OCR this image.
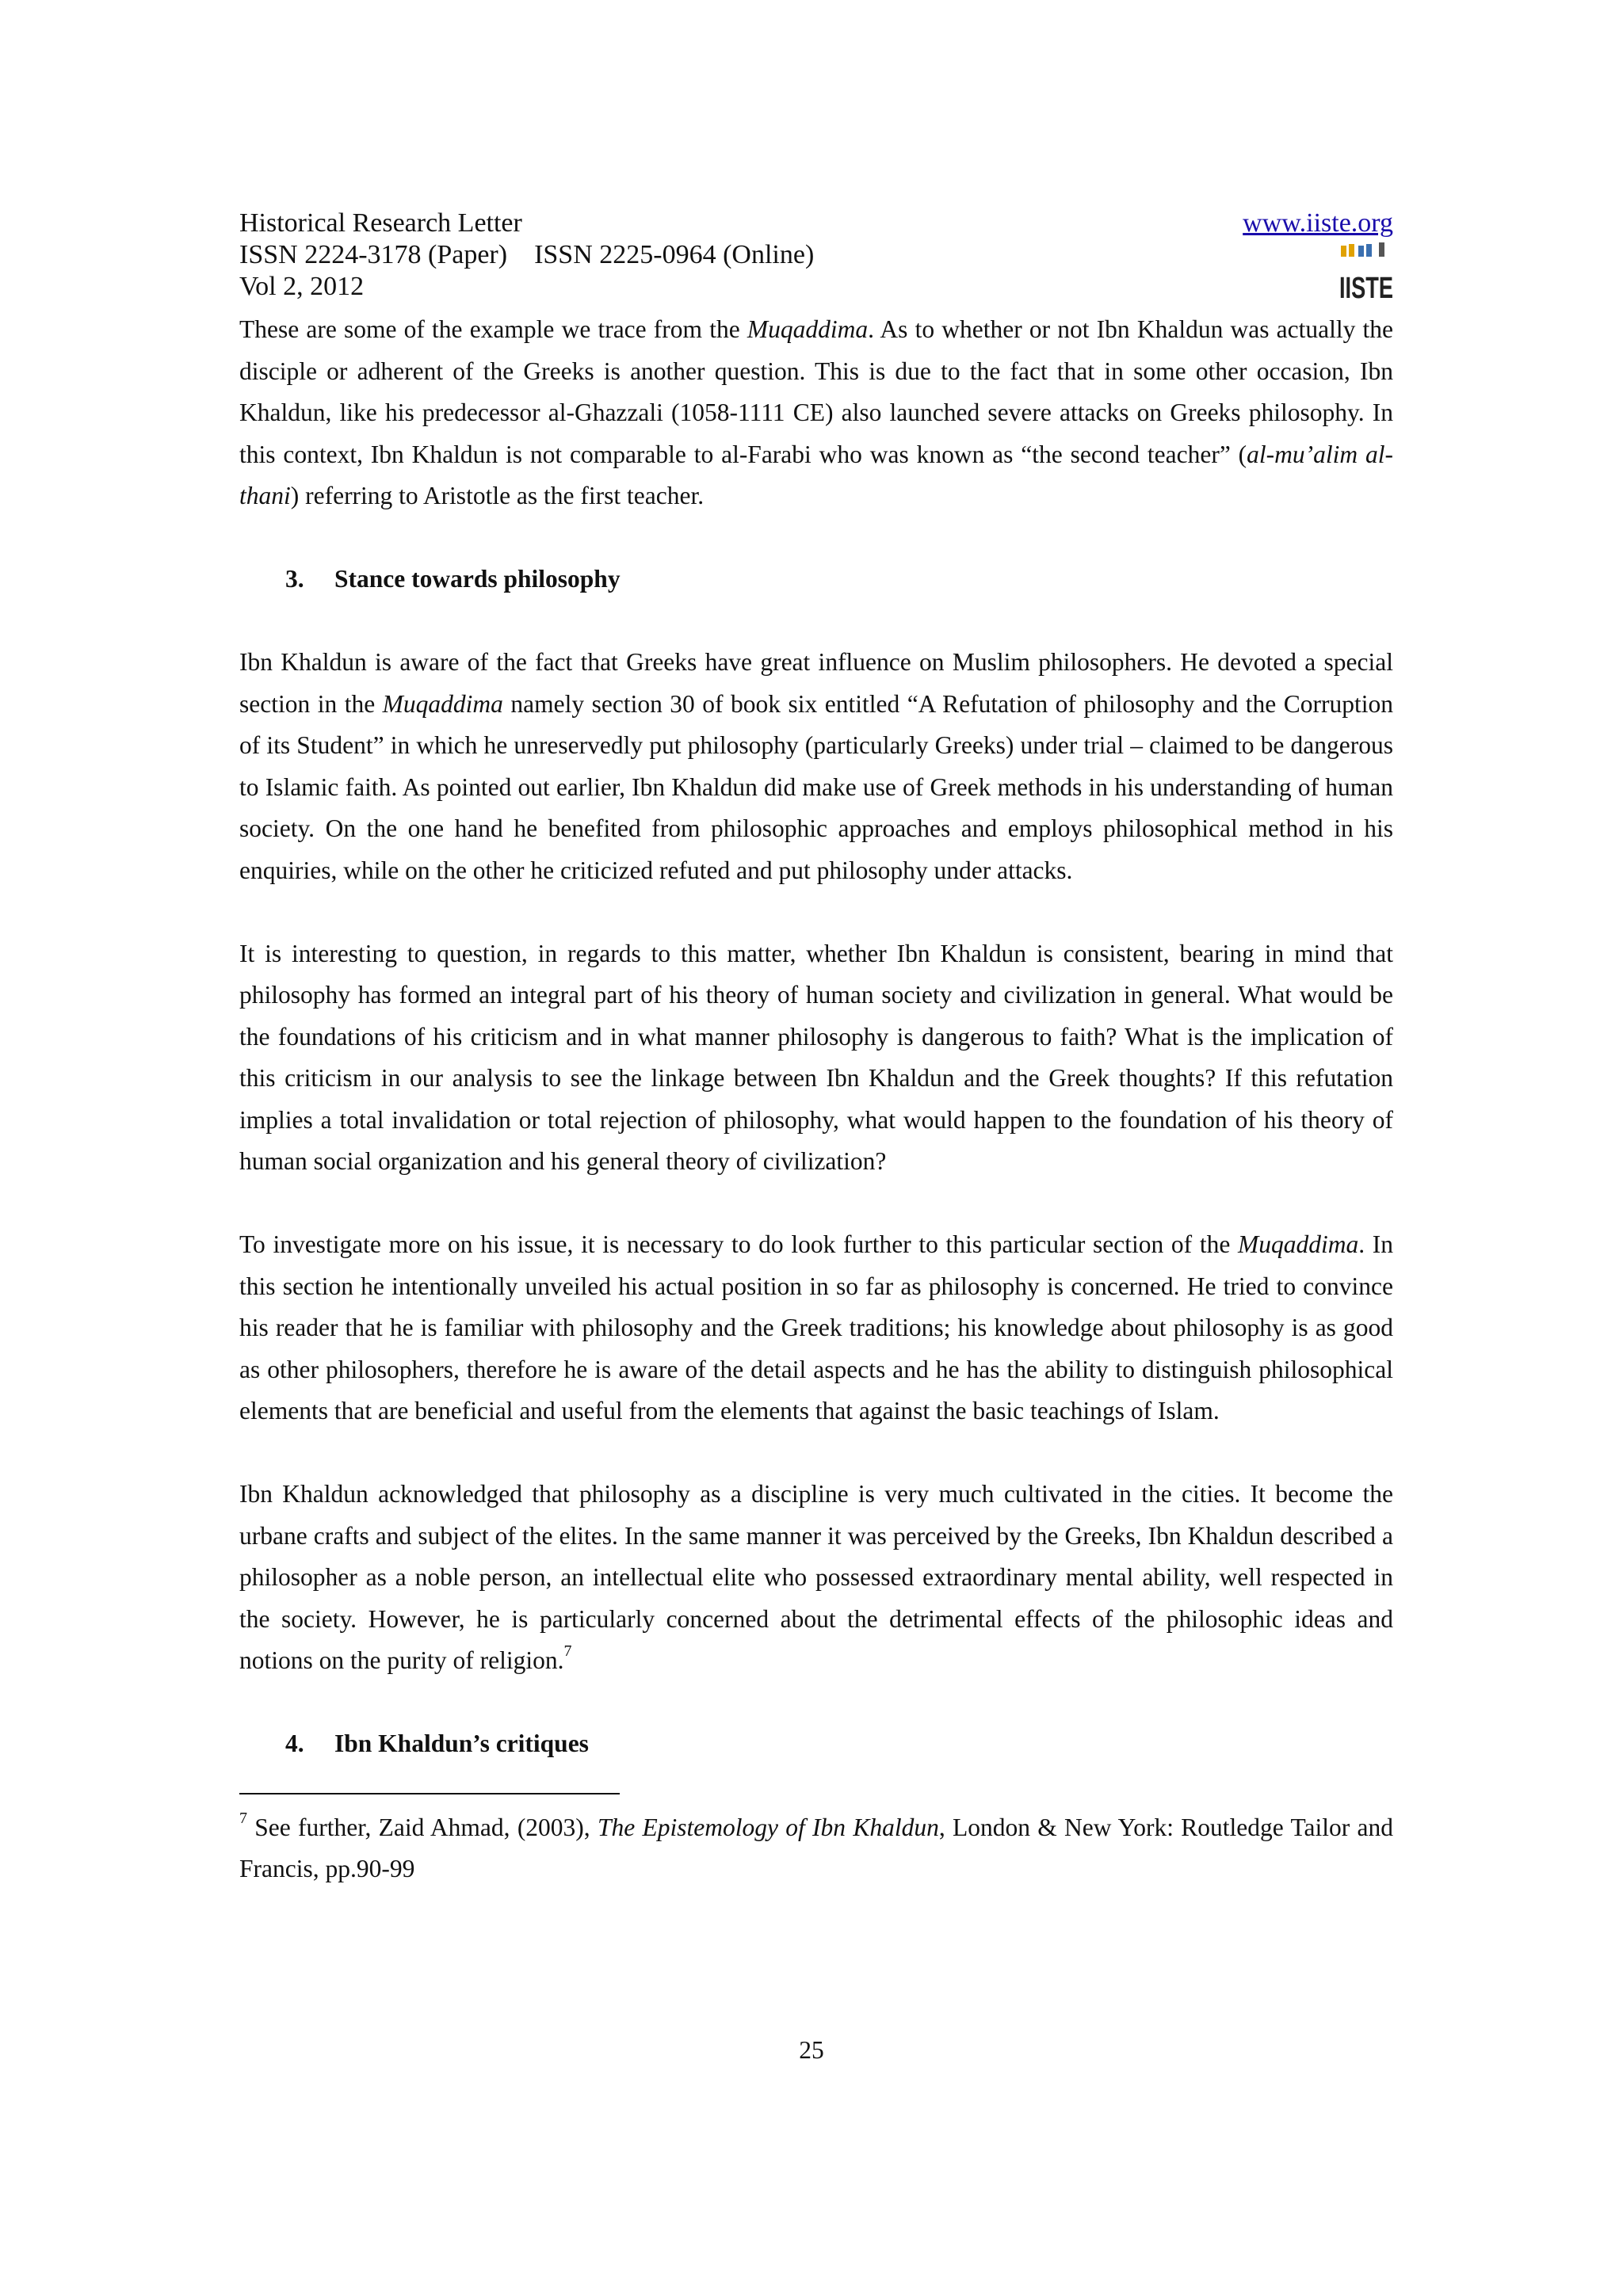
Historical Research Letter
ISSN 2224-3178 (Paper)    ISSN 2225-0964 (Online)
Vol 2, 2012
www.iiste.org
IISTE

These are some of the example we trace from the Muqaddima. As to whether or not Ibn Khaldun was actually the disciple or adherent of the Greeks is another question. This is due to the fact that in some other occasion, Ibn Khaldun, like his predecessor al-Ghazzali (1058-1111 CE) also launched severe attacks on Greeks philosophy. In this context, Ibn Khaldun is not comparable to al-Farabi who was known as “the second teacher” (al-mu’alim al-thani) referring to Aristotle as the first teacher.

3. Stance towards philosophy

Ibn Khaldun is aware of the fact that Greeks have great influence on Muslim philosophers. He devoted a special section in the Muqaddima namely section 30 of book six entitled “A Refutation of philosophy and the Corruption of its Student” in which he unreservedly put philosophy (particularly Greeks) under trial – claimed to be dangerous to Islamic faith. As pointed out earlier, Ibn Khaldun did make use of Greek methods in his understanding of human society. On the one hand he benefited from philosophic approaches and employs philosophical method in his enquiries, while on the other he criticized refuted and put philosophy under attacks.

It is interesting to question, in regards to this matter, whether Ibn Khaldun is consistent, bearing in mind that philosophy has formed an integral part of his theory of human society and civilization in general. What would be the foundations of his criticism and in what manner philosophy is dangerous to faith? What is the implication of this criticism in our analysis to see the linkage between Ibn Khaldun and the Greek thoughts? If this refutation implies a total invalidation or total rejection of philosophy, what would happen to the foundation of his theory of human social organization and his general theory of civilization?

To investigate more on his issue, it is necessary to do look further to this particular section of the Muqaddima. In this section he intentionally unveiled his actual position in so far as philosophy is concerned. He tried to convince his reader that he is familiar with philosophy and the Greek traditions; his knowledge about philosophy is as good as other philosophers, therefore he is aware of the detail aspects and he has the ability to distinguish philosophical elements that are beneficial and useful from the elements that against the basic teachings of Islam.

Ibn Khaldun acknowledged that philosophy as a discipline is very much cultivated in the cities. It become the urbane crafts and subject of the elites. In the same manner it was perceived by the Greeks, Ibn Khaldun described a philosopher as a noble person, an intellectual elite who possessed extraordinary mental ability, well respected in the society. However, he is particularly concerned about the detrimental effects of the philosophic ideas and notions on the purity of religion.$^7$

4. Ibn Khaldun’s critiques
$^7$ See further, Zaid Ahmad, (2003), The Epistemology of Ibn Khaldun, London & New York: Routledge Tailor and Francis, pp.90-99
25
